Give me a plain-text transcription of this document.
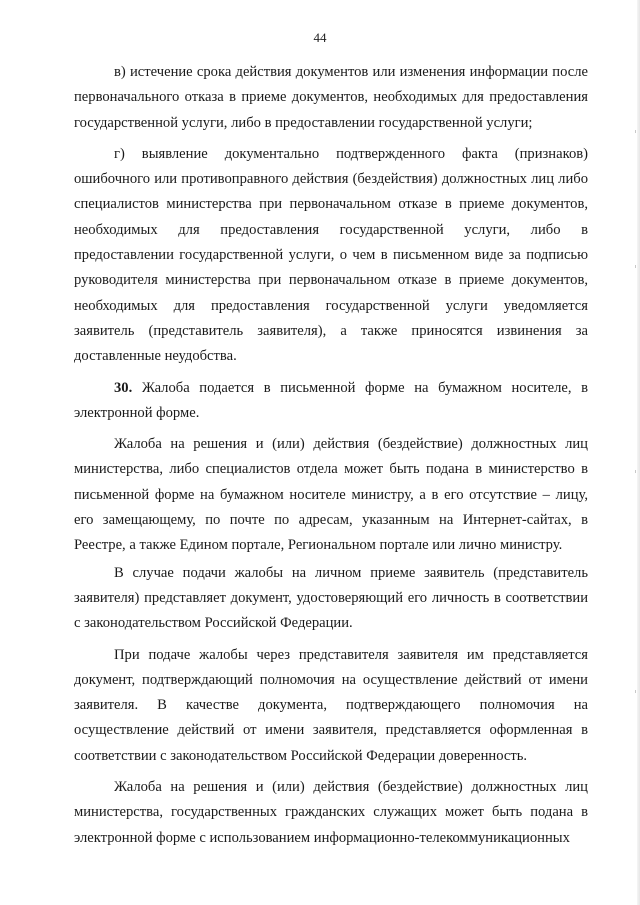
44

в) истечение срока действия документов или изменения информации после первоначального отказа в приеме документов, необходимых для предоставления государственной услуги, либо в предоставлении государственной услуги;

г) выявление документально подтвержденного факта (признаков) ошибочного или противоправного действия (бездействия) должностных лиц либо специалистов министерства при первоначальном отказе в приеме документов, необходимых для предоставления государственной услуги, либо в предоставлении государственной услуги, о чем в письменном виде за подписью руководителя министерства при первоначальном отказе в приеме документов, необходимых для предоставления государственной услуги уведомляется заявитель (представитель заявителя), а также приносятся извинения за доставленные неудобства.

30. Жалоба подается в письменной форме на бумажном носителе, в электронной форме.

Жалоба на решения и (или) действия (бездействие) должностных лиц министерства, либо специалистов отдела может быть подана в министерство в письменной форме на бумажном носителе министру, а в его отсутствие – лицу, его замещающему, по почте по адресам, указанным на Интернет-сайтах, в Реестре, а также Едином портале, Региональном портале или лично министру.

В случае подачи жалобы на личном приеме заявитель (представитель заявителя) представляет документ, удостоверяющий его личность в соответствии с законодательством Российской Федерации.

При подаче жалобы через представителя заявителя им представляется документ, подтверждающий полномочия на осуществление действий от имени заявителя. В качестве документа, подтверждающего полномочия на осуществление действий от имени заявителя, представляется оформленная в соответствии с законодательством Российской Федерации доверенность.

Жалоба на решения и (или) действия (бездействие) должностных лиц министерства, государственных гражданских служащих может быть подана в электронной форме с использованием информационно-телекоммуникационных
